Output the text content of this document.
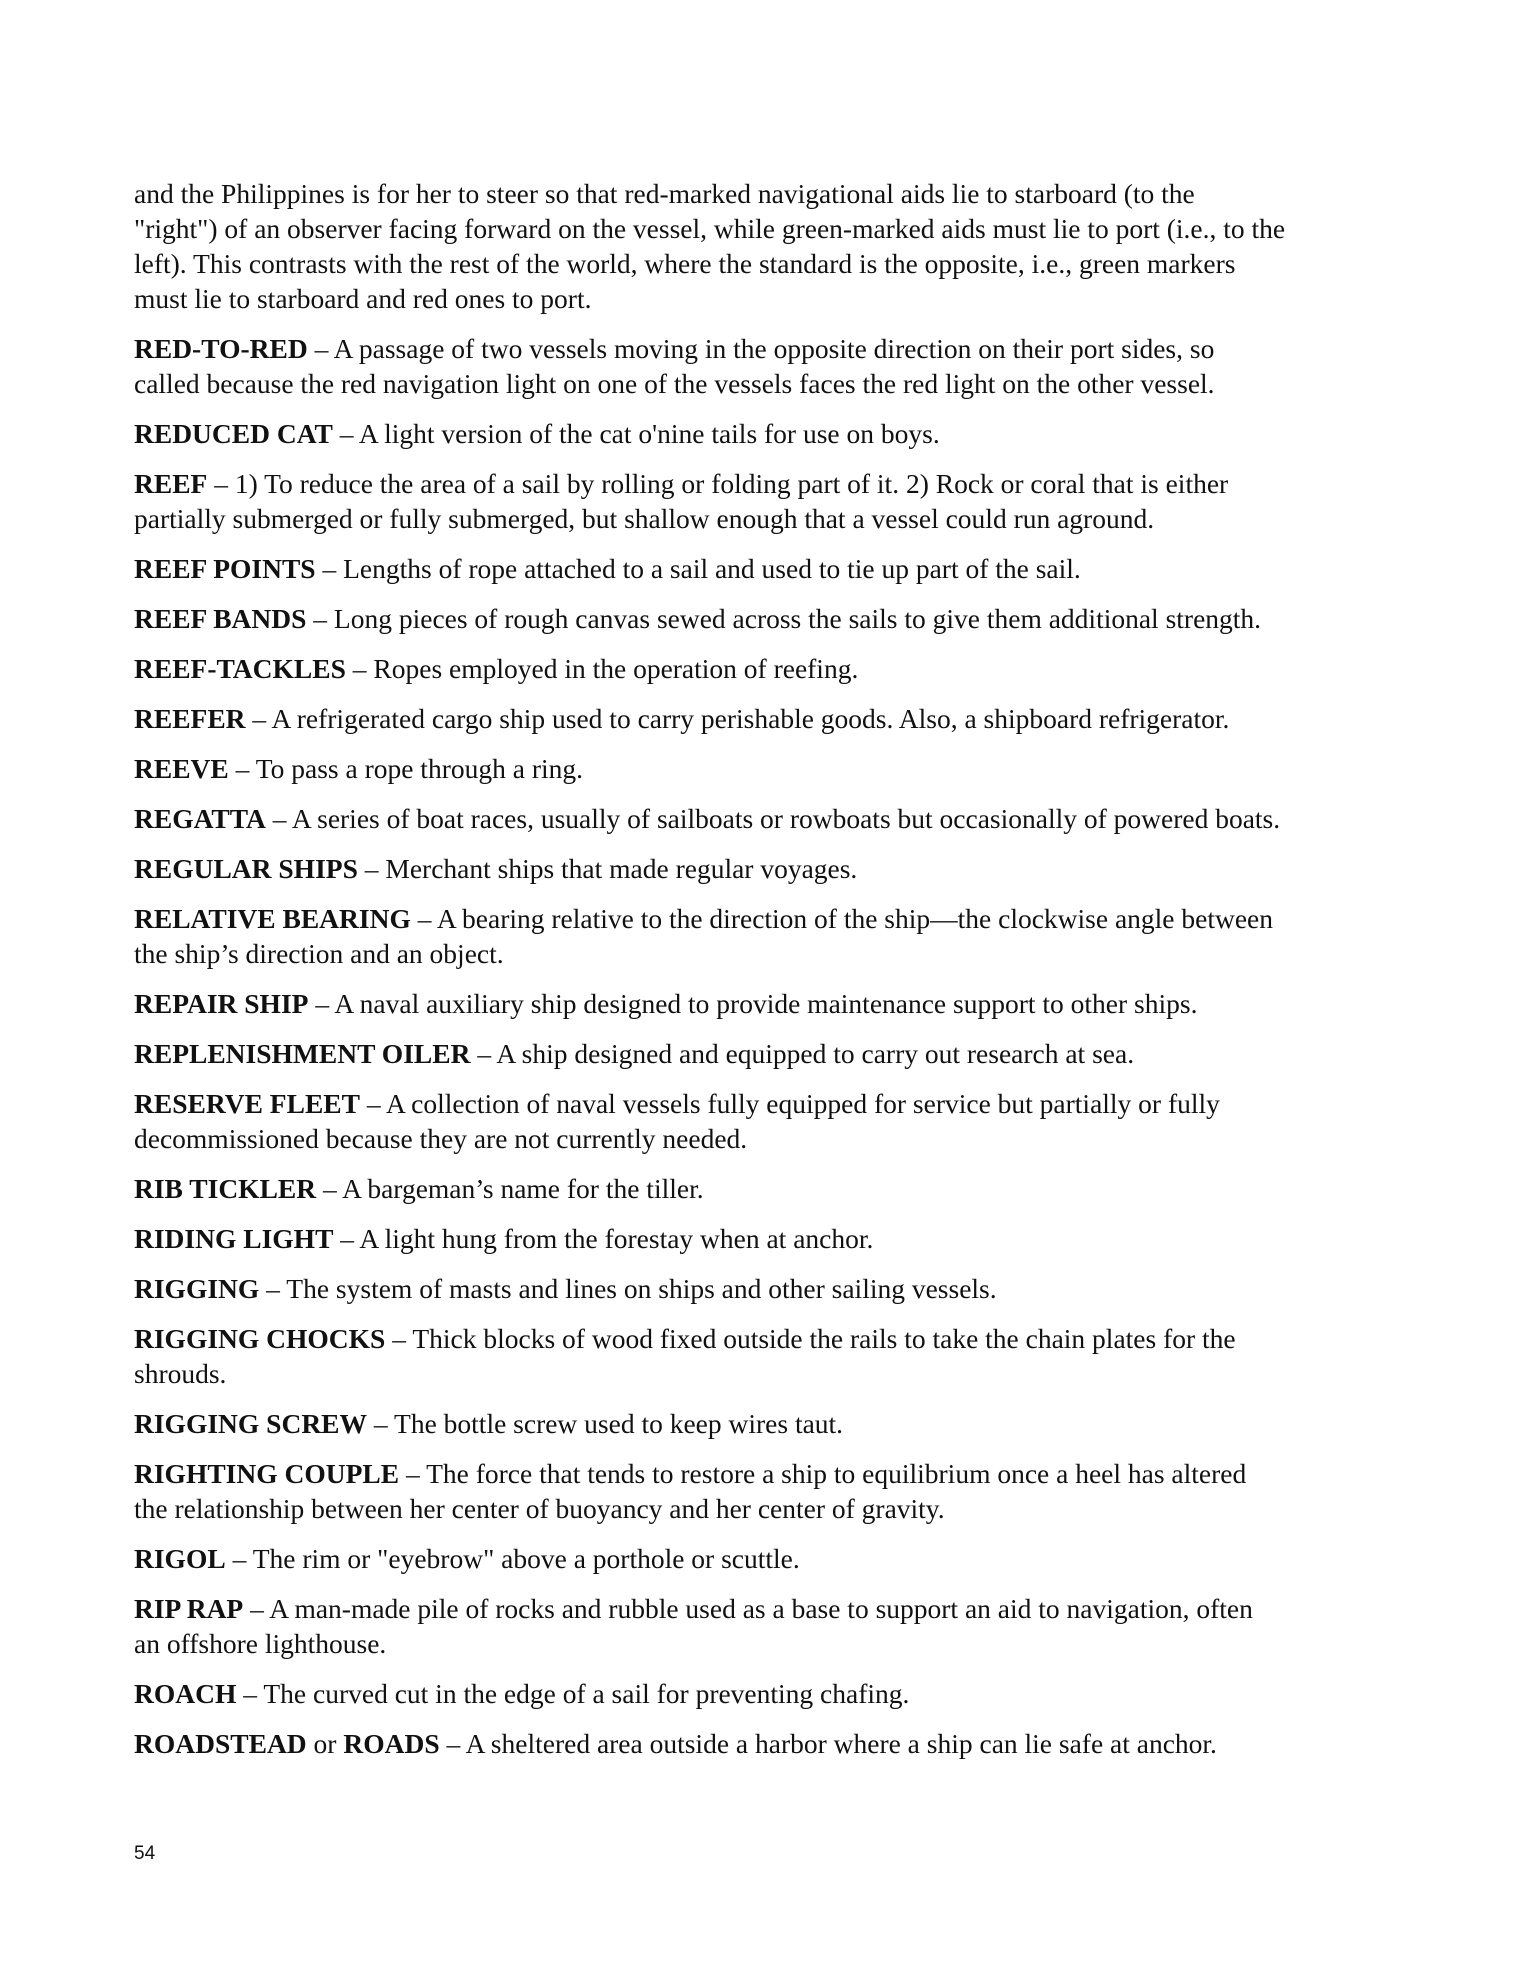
and the Philippines is for her to steer so that red-marked navigational aids lie to starboard (to the
"right") of an observer facing forward on the vessel, while green-marked aids must lie to port (i.e., to the
left). This contrasts with the rest of the world, where the standard is the opposite, i.e., green markers
must lie to starboard and red ones to port.

RED-TO-RED – A passage of two vessels moving in the opposite direction on their port sides, so
called because the red navigation light on one of the vessels faces the red light on the other vessel.

REDUCED CAT – A light version of the cat o'nine tails for use on boys.

REEF – 1) To reduce the area of a sail by rolling or folding part of it. 2) Rock or coral that is either
partially submerged or fully submerged, but shallow enough that a vessel could run aground.

REEF POINTS – Lengths of rope attached to a sail and used to tie up part of the sail.

REEF BANDS – Long pieces of rough canvas sewed across the sails to give them additional strength.

REEF-TACKLES – Ropes employed in the operation of reefing.

REEFER – A refrigerated cargo ship used to carry perishable goods. Also, a shipboard refrigerator.

REEVE – To pass a rope through a ring.

REGATTA – A series of boat races, usually of sailboats or rowboats but occasionally of powered boats.

REGULAR SHIPS – Merchant ships that made regular voyages.

RELATIVE BEARING – A bearing relative to the direction of the ship—the clockwise angle between
the ship’s direction and an object.

REPAIR SHIP – A naval auxiliary ship designed to provide maintenance support to other ships.

REPLENISHMENT OILER – A ship designed and equipped to carry out research at sea.

RESERVE FLEET – A collection of naval vessels fully equipped for service but partially or fully
decommissioned because they are not currently needed.

RIB TICKLER – A bargeman’s name for the tiller.

RIDING LIGHT – A light hung from the forestay when at anchor.

RIGGING – The system of masts and lines on ships and other sailing vessels.

RIGGING CHOCKS – Thick blocks of wood fixed outside the rails to take the chain plates for the
shrouds.

RIGGING SCREW – The bottle screw used to keep wires taut.

RIGHTING COUPLE – The force that tends to restore a ship to equilibrium once a heel has altered
the relationship between her center of buoyancy and her center of gravity.

RIGOL – The rim or "eyebrow" above a porthole or scuttle.

RIP RAP – A man-made pile of rocks and rubble used as a base to support an aid to navigation, often
an offshore lighthouse.

ROACH – The curved cut in the edge of a sail for preventing chafing.

ROADSTEAD or ROADS – A sheltered area outside a harbor where a ship can lie safe at anchor.

54
